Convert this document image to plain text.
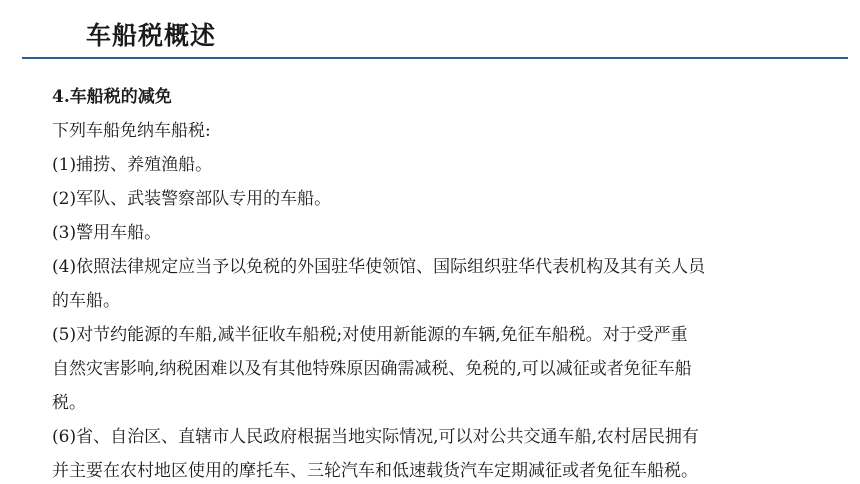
车船税概述
4.车船税的减免
下列车船免纳车船税:
(1)捕捞、养殖渔船。
(2)军队、武装警察部队专用的车船。
(3)警用车船。
(4)依照法律规定应当予以免税的外国驻华使领馆、国际组织驻华代表机构及其有关人员
的车船。
(5)对节约能源的车船,减半征收车船税;对使用新能源的车辆,免征车船税。对于受严重
自然灾害影响,纳税困难以及有其他特殊原因确需减税、免税的,可以减征或者免征车船
税。
(6)省、自治区、直辖市人民政府根据当地实际情况,可以对公共交通车船,农村居民拥有
并主要在农村地区使用的摩托车、三轮汽车和低速载货汽车定期减征或者免征车船税。
